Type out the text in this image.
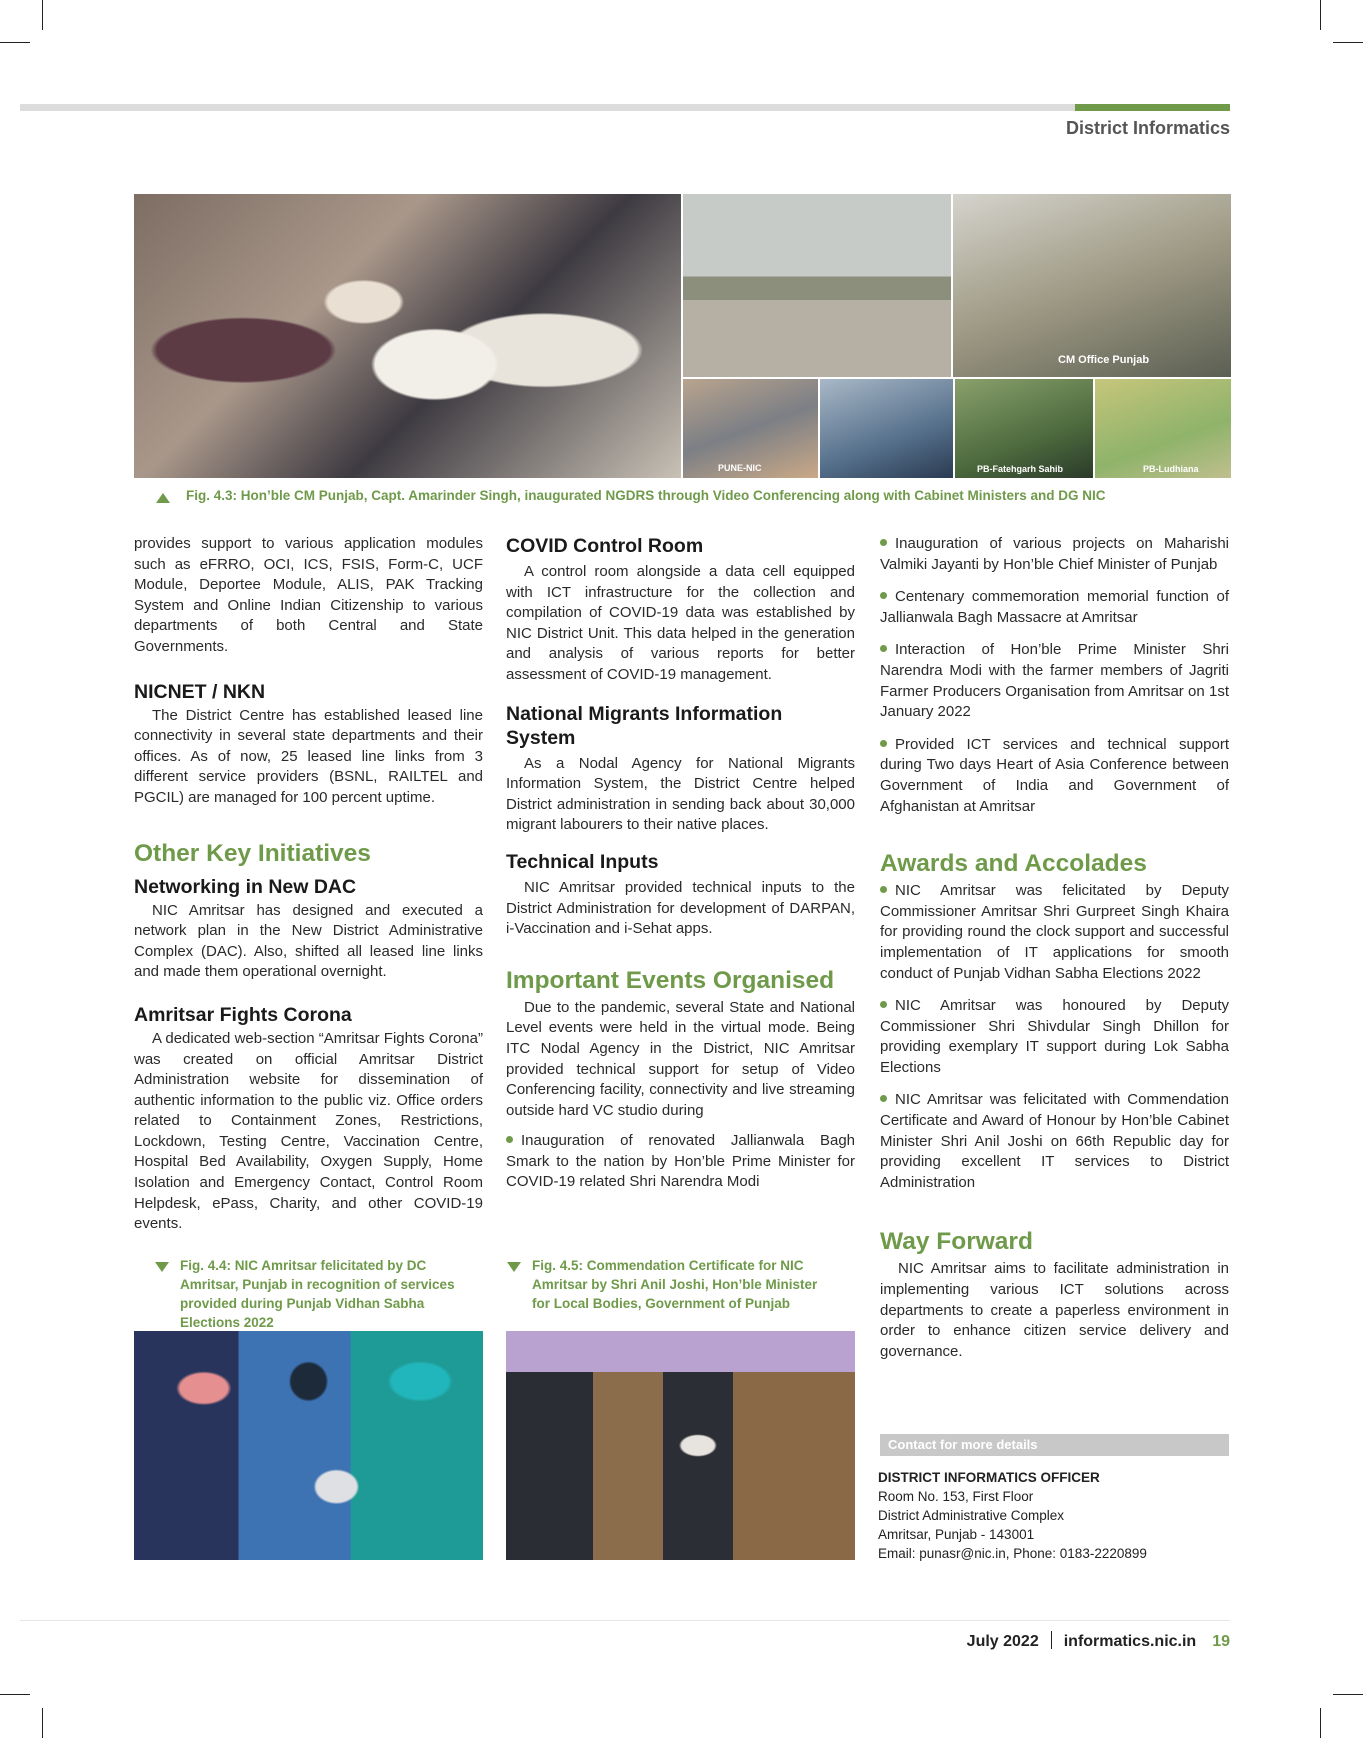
District Informatics
CM Office Punjab
PUNE-NIC	PB-Fatehgarh Sahib	PB-Ludhiana
Fig. 4.3: Hon’ble CM Punjab, Capt. Amarinder Singh, inaugurated NGDRS through Video Conferencing along with Cabinet Ministers and DG NIC

provides support to various application modules such as eFRRO, OCI, ICS, FSIS, Form-C, UCF Module, Deportee Module, ALIS, PAK Tracking System and Online Indian Citizenship to various departments of both Central and State Governments.

NICNET / NKN

The District Centre has established leased line connectivity in several state departments and their offices. As of now, 25 leased line links from 3 different service providers (BSNL, RAILTEL and PGCIL) are managed for 100 percent uptime.

Other Key Initiatives
Networking in New DAC

NIC Amritsar has designed and executed a network plan in the New District Administrative Complex (DAC). Also, shifted all leased line links and made them operational overnight.

Amritsar Fights Corona

A dedicated web-section “Amritsar Fights Corona” was created on official Amritsar District Administration website for dissemination of authentic information to the public viz. Office orders related to Containment Zones, Restrictions, Lockdown, Testing Centre, Vaccination Centre, Hospital Bed Availability, Oxygen Supply, Home Isolation and Emergency Contact, Control Room Helpdesk, ePass, Charity, and other COVID-19 events.

Fig. 4.4: NIC Amritsar felicitated by DC Amritsar, Punjab in recognition of services provided during Punjab Vidhan Sabha Elections 2022
COVID Control Room

A control room alongside a data cell equipped with ICT infrastructure for the collection and compilation of COVID-19 data was established by NIC District Unit. This data helped in the generation and analysis of various reports for better assessment of COVID-19 management.

National Migrants Information System

As a Nodal Agency for National Migrants Information System, the District Centre helped District administration in sending back about 30,000 migrant labourers to their native places.

Technical Inputs

NIC Amritsar provided technical inputs to the District Administration for development of DARPAN, i-Vaccination and i-Sehat apps.

Important Events Organised

Due to the pandemic, several State and National Level events were held in the virtual mode. Being ITC Nodal Agency in the District, NIC Amritsar provided technical support for setup of Video Conferencing facility, connectivity and live streaming outside hard VC studio during

Inauguration of renovated Jallianwala Bagh Smark to the nation by Hon’ble Prime Minister for COVID-19 related Shri Narendra Modi

Fig. 4.5: Commendation Certificate for NIC Amritsar by Shri Anil Joshi, Hon’ble Minister for Local Bodies, Government of Punjab

Inauguration of various projects on Maharishi Valmiki Jayanti by Hon’ble Chief Minister of Punjab

Centenary commemoration memorial function of Jallianwala Bagh Massacre at Amritsar

Interaction of Hon’ble Prime Minister Shri Narendra Modi with the farmer members of Jagriti Farmer Producers Organisation from Amritsar on 1st January 2022

Provided ICT services and technical support during Two days Heart of Asia Conference between Government of India and Government of Afghanistan at Amritsar

Awards and Accolades

NIC Amritsar was felicitated by Deputy Commissioner Amritsar Shri Gurpreet Singh Khaira for providing round the clock support and successful implementation of IT applications for smooth conduct of Punjab Vidhan Sabha Elections 2022

NIC Amritsar was honoured by Deputy Commissioner Shri Shivdular Singh Dhillon for providing exemplary IT support during Lok Sabha Elections

NIC Amritsar was felicitated with Commendation Certificate and Award of Honour by Hon’ble Cabinet Minister Shri Anil Joshi on 66th Republic day for providing excellent IT services to District Administration

Way Forward

NIC Amritsar aims to facilitate administration in implementing various ICT solutions across departments to create a paperless environment in order to enhance citizen service delivery and governance.

Contact for more details
DISTRICT INFORMATICS OFFICER
Room No. 153, First Floor
District Administrative Complex
Amritsar, Punjab - 143001
Email: punasr@nic.in, Phone: 0183-2220899
July 2022 informatics.nic.in 19
